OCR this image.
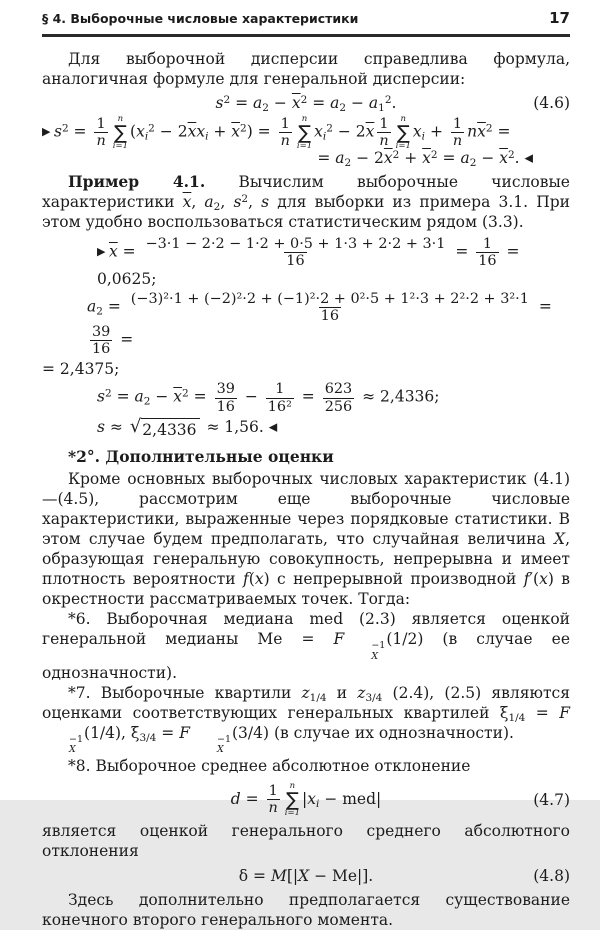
§ 4. Выборочные числовые характеристики	17

Для выборочной дисперсии справедлива формула, аналогичная формуле для генеральной дисперсии:

$s^2 = a_2 - \overline{x}^2 = a_2 - a_1^2$.	(4.6)
▶ $s^2 = \frac{1}{n}$ n
∑
i=1
$(x_i^2 - 2\overline{x}x_i + \overline{x}^2) = \frac{1}{n}$ n
∑
i=1
$x_i^2 - 2\overline{x} \frac{1}{n}$ n
∑
i=1
$x_i + \frac{1}{n} n\overline{x}^2$ =
= $a_2 - 2\overline{x}^2 + \overline{x}^2 = a_2 - \overline{x}^2$. ◀

Пример 4.1. Вычислим выборочные числовые характеристики $\overline{x}$, $a_2$, $s^2$, s для выборки из примера 3.1. При этом удобно воспользоваться статистическим рядом (3.3).

▶ $\overline{x} = \frac{-3\cdot 1 - 2\cdot 2 - 1\cdot 2 + 0\cdot 5 + 1\cdot 3 + 2\cdot 2 + 3\cdot 1}{16} = \frac{1}{16} = 0,0625$;
$a_2 = \frac{\text{(−3)²·1 + (−2)²·2 + (−1)²·2 + 0²·5 + 1²·3 + 2²·2 + 3²·1}}{16}$ =
$\frac{39}{16}$ =
= 2,4375;
$s^2 = a_2 - \overline{x}^2 = \frac{39}{16} - \frac{1}{\text{16²}} = \frac{623}{256} \approx 2,4336$;
s ≈ √ 2,4336 ≈ 1,56. ◀
*2°. Дополнительные оценки

Кроме основных выборочных числовых характеристик (4.1)—(4.5), рассмотрим еще выборочные числовые характеристики, выраженные через порядковые статистики. В этом случае будем предполагать, что случайная величина X, образующая генеральную совокупность, непрерывна и имеет плотность вероятности f(x) с непрерывной производной f′(x) в окрестности рассматриваемых точек. Тогда:

*6. Выборочная медиана med (2.3) является оценкой генеральной медианы Me = F	−1
X
(1/2) (в случае ее однозначности).

*7. Выборочные квартили $z_{1/4}$ и $z_{3/4}$ (2.4), (2.5) являются оценками соответствующих генеральных квартилей $\xi_{1/4} = F$
−1
X
(1/4), $\xi_{3/4} = F$	−1
X
(3/4) (в случае их однозначности).

*8. Выборочное среднее абсолютное отклонение

$d = \frac{1}{n}$ n
∑
i=1
$|x_i - med|$	(4.7)

является оценкой генерального среднего абсолютного отклонения

δ = M[|X − Me|].	(4.8)

Здесь дополнительно предполагается существование конечного второго генерального момента.
